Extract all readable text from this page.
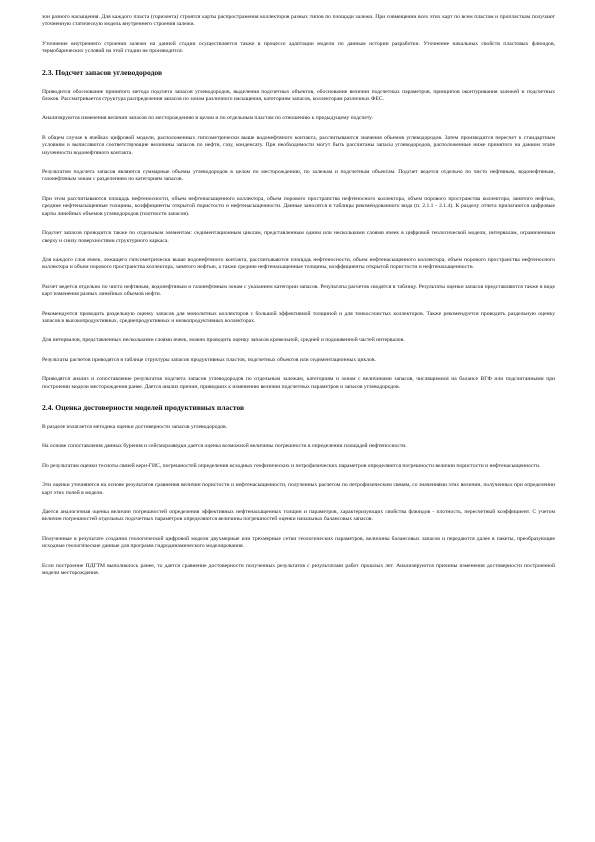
зон разного насыщения. Для каждого пласта (горизонта) строятся карты распространения коллекторов разных типов по площади залежи. При совмещении всех этих карт по всем пластам и пропласткам получают уточненную статическую модель внутреннего строения залежи.

Уточнение внутреннего строения залежи на данной стадии осуществляется также в процессе адаптации модели по данным истории разработки. Уточнение начальных свойств пластовых флюидов, термобарических условий на этой стадии не производится.

2.3. Подсчет запасов углеводородов

Приводится обоснование принятого метода подсчета запасов углеводородов, выделения подсчетных объектов, обоснование величин подсчетных параметров, принципов оконтуривания залежей и подсчетных блоков. Рассматривается структура распределения запасов по зонам различного насыщения, категориям запасов, коллекторам различных ФЕС.

Анализируются изменения величин запасов по месторождению в целом и по отдельным пластам по отношению к предыдущему подсчету.

В общем случае в ячейках цифровой модели, расположенных гипсометрически выше водонефтяного контакта, рассчитываются значения объемов углеводородов. Затем производится пересчет к стандартным условиям и вычисляются соответствующие величины запасов по нефти, газу, конденсату. При необходимости могут быть рассчитаны запасы углеводородов, расположенные ниже принятого на данном этапе изученности водонефтяного контакта.

Результатом подсчета запасов являются суммарные объемы углеводородов в целом по месторождению, по залежам и подсчетным объектам. Подсчет ведется отдельно по чисто нефтяным, водонефтяным, газонефтяным зонам с разделением по категориям запасов.

При этом рассчитываются площадь нефтеносности, объем нефтенасыщенного коллектора, объем порового пространства нефтеносного коллектора, объем порового пространства коллектора, занятого нефтью, средние нефтенасыщенные толщины, коэффициенты открытой пористости и нефтенасыщенности. Данные заносятся в таблицы рекомендованного вида (п. 2.1.1 - 2.1.4). К разделу отчета прилагаются цифровые карты линейных объемов углеводородов (плотности запасов).

Подсчет запасов проводится также по отдельным элементам: седиментационным циклам, представленным одним или несколькими слоями ячеек в цифровой геологической модели, интервалам, ограниченным сверху и снизу поверхностями структурного каркаса.

Для каждого слоя ячеек, лежащего гипсометрически выше водонефтяного контакта, рассчитываются площадь нефтеносности, объем нефтенасыщенного коллектора, объем порового пространства нефтеносного коллектора и объем порового пространства коллектора, занятого нефтью, а также средние нефтенасыщенные толщины, коэффициенты открытой пористости и нефтенасыщенности.

Расчет ведется отдельно по чисто нефтяным, водонефтяным и газонефтяным зонам с указанием категории запасов. Результаты расчетов сводятся в таблицу. Результаты оценки запасов представляются также в виде карт изменения разных линейных объемов нефти.

Рекомендуется проводить раздельную оценку запасов для монолитных коллекторов с большой эффективной толщиной и для тонкослоистых коллекторов. Также рекомендуется проводить раздельную оценку запасов в высокопродуктивных, среднепродуктивных и низкопродуктивных коллекторах.

Для интервалов, представленных несколькими слоями ячеек, можно проводить оценку запасов кровельной, средней и подошвенной частей интервалов.

Результаты расчетов приводятся в таблице структуры запасов продуктивных пластов, подсчетных объектов или седиментационных циклов.

Приводятся анализ и сопоставление результатов подсчета запасов углеводородов по отдельным залежам, категориям и зонам с величинами запасов, числящимися на балансе ВГФ или подсчитанными при построении модели месторождения ранее. Дается анализ причин, приведших к изменению величин подсчетных параметров и запасов углеводородов.

2.4. Оценка достоверности моделей продуктивных пластов

В разделе излагается методика оценки достоверности запасов углеводородов.

На основе сопоставления данных бурения и сейсморазведки дается оценка возможной величины погрешности в определении площадей нефтеносности.

По результатам оценки тесноты связей керн-ГИС, погрешностей определения исходных геофизических и петрофизических параметров определяются погрешности величин пористости и нефтенасыщенности.

Эти оценки уточняются на основе результатов сравнения величин пористости и нефтенасыщенности, полученных расчетом по петрофизическим связям, со значениями этих величин, полученных при определении карт этих полей в модели.

Дается аналогичная оценка величин погрешностей определения эффективных нефтенасыщенных толщин и параметров, характеризующих свойства флюидов - плотность, пересчетный коэффициент. С учетом величин погрешностей отдельных подсчетных параметров определяются величины погрешностей оценки начальных балансовых запасов.

Полученные в результате создания геологической цифровой модели двухмерные или трехмерные сетки геологических параметров, величины балансовых запасов и передаются далее в пакеты, преобразующие исходные геологические данные для программ гидродинамического моделирования.

Если построение ПДГТМ выполнялось ранее, то дается сравнение достоверности полученных результатов с результатами работ прошлых лет. Анализируются причины изменения достоверности построенной модели месторождения.
